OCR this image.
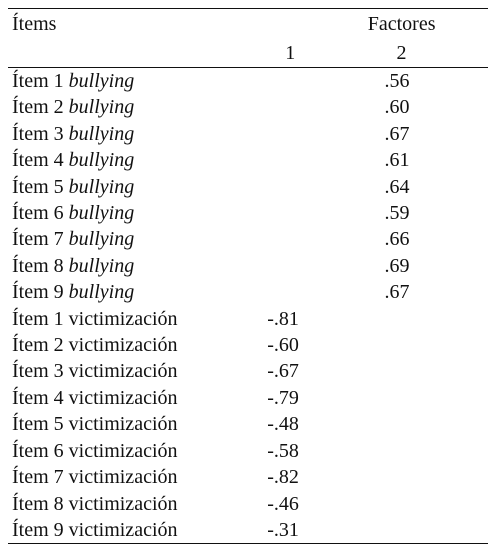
Ítems	Factores	
	1	2

Ítem 1 bullying		.56
Ítem 2 bullying		.60
Ítem 3 bullying		.67
Ítem 4 bullying		.61
Ítem 5 bullying		.64
Ítem 6 bullying		.59
Ítem 7 bullying		.66
Ítem 8 bullying		.69
Ítem 9 bullying		.67
Ítem 1 victimización	-.81	
Ítem 2 victimización	-.60	
Ítem 3 victimización	-.67	
Ítem 4 victimización	-.79	
Ítem 5 victimización	-.48	
Ítem 6 victimización	-.58	
Ítem 7 victimización	-.82	
Ítem 8 victimización	-.46	
Ítem 9 victimización	-.31	
